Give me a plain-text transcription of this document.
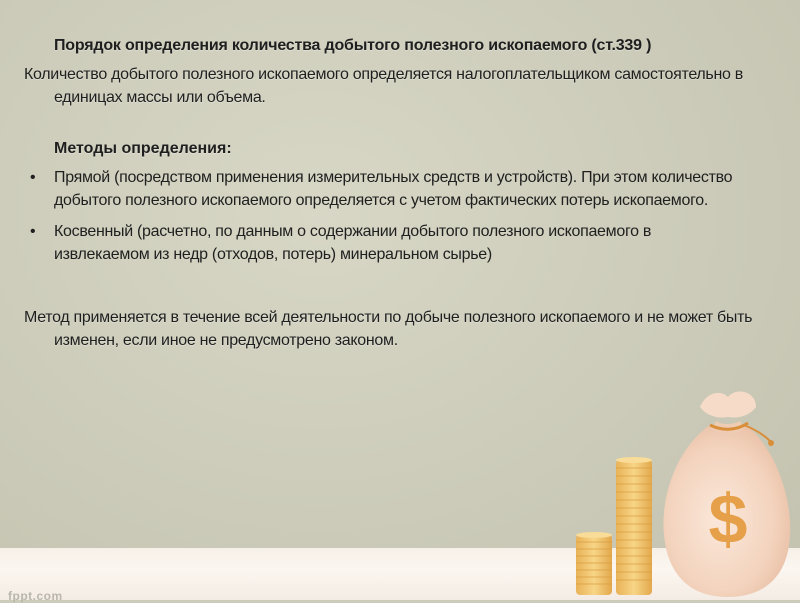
Порядок определения количества добытого полезного ископаемого (ст.339 )
Количество добытого полезного ископаемого определяется налогоплательщиком самостоятельно в единицах массы или объема.
Методы определения:
• Прямой (посредством применения измерительных средств и устройств). При этом количество добытого полезного ископаемого определяется с учетом фактических потерь ископаемого.
• Косвенный (расчетно, по данным о содержании добытого полезного ископаемого в извлекаемом из недр (отходов, потерь) минеральном сырье)
Метод применяется в течение всей деятельности по добыче полезного ископаемого и не может быть изменен, если иное не предусмотрено законом.
$
fppt.com
